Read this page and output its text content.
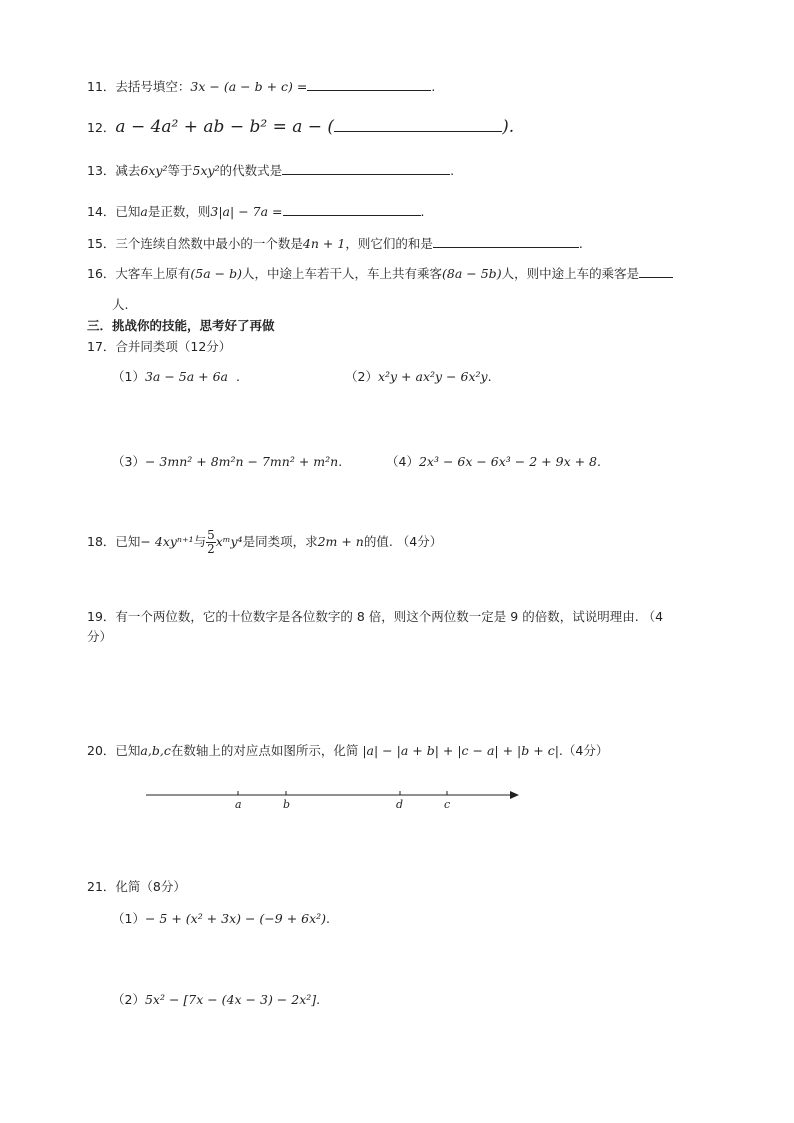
11．去括号填空：3x − (a − b + c) =	.
12．a − 4a² + ab − b² = a − (	).
13．减去6xy²等于5xy²的代数式是	.
14．已知a是正数，则3|a| − 7a =	.
15．三个连续自然数中最小的一个数是4n + 1，则它们的和是	.
16．大客车上原有(5a − b)人，中途上车若干人，车上共有乘客(8a − 5b)人，则中途上车的乘客是
人.
三．挑战你的技能，思考好了再做
17．合并同类项（12分）
（1）3a − 5a + 6a .	（2）x²y + ax²y − 6x²y.
（3）− 3mn² + 8m²n − 7mn² + m²n.	（4）2x³ − 6x − 6x³ − 2 + 9x + 8.
18．已知− 4xyⁿ⁺¹与 $\frac{5}{2}$ xᵐy⁴是同类项，求2m + n的值. （4分）
19．有一个两位数，它的十位数字是各位数字的 8 倍，则这个两位数一定是 9 的倍数，试说明理由. （4
分）
20．已知a,b,c在数轴上的对应点如图所示，化简 |a| − |a + b| + |c − a| + |b + c|.（4分）
a	b	d	c
21．化简（8分）
（1）− 5 + (x² + 3x) − (−9 + 6x²).
（2）5x² − [7x − (4x − 3) − 2x²].
